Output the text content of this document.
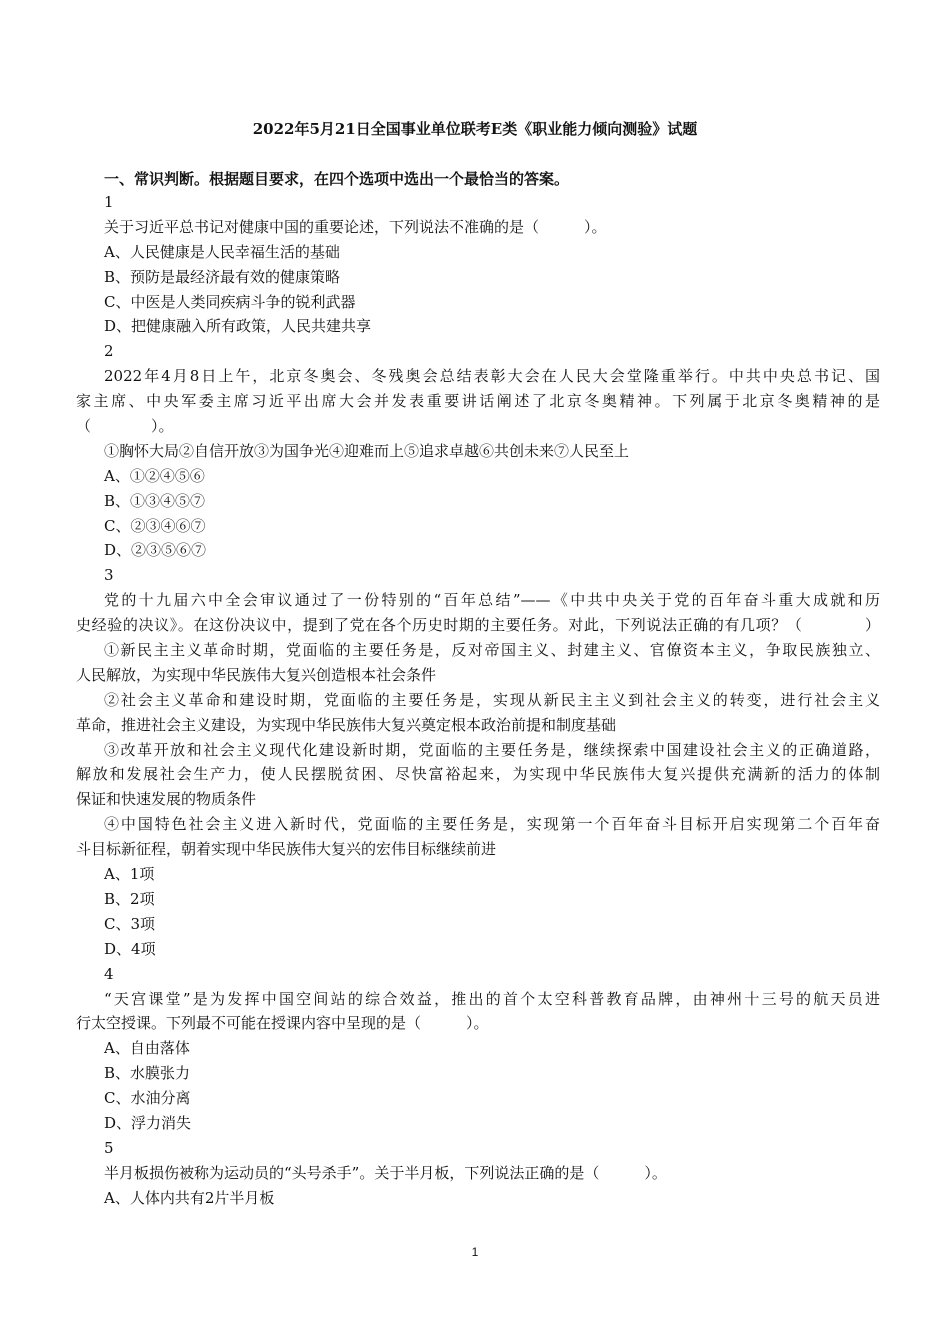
2022年5月21日全国事业单位联考E类《职业能力倾向测验》试题
一、常识判断。根据题目要求，在四个选项中选出一个最恰当的答案。
1
关于习近平总书记对健康中国的重要论述，下列说法不准确的是（　　　）。
A、人民健康是人民幸福生活的基础
B、预防是最经济最有效的健康策略
C、中医是人类同疾病斗争的锐利武器
D、把健康融入所有政策，人民共建共享
2
2022年4月8日上午，北京冬奥会、冬残奥会总结表彰大会在人民大会堂隆重举行。中共中央总书记、国
家主席、中央军委主席习近平出席大会并发表重要讲话阐述了北京冬奥精神。下列属于北京冬奥精神的是
（　　　　）。
①胸怀大局②自信开放③为国争光④迎难而上⑤追求卓越⑥共创未来⑦人民至上
A、①②④⑤⑥
B、①③④⑤⑦
C、②③④⑥⑦
D、②③⑤⑥⑦
3
党的十九届六中全会审议通过了一份特别的“百年总结”——《中共中央关于党的百年奋斗重大成就和历
史经验的决议》。在这份决议中，提到了党在各个历史时期的主要任务。对此，下列说法正确的有几项？（　　　　）
①新民主主义革命时期，党面临的主要任务是，反对帝国主义、封建主义、官僚资本主义，争取民族独立、
人民解放，为实现中华民族伟大复兴创造根本社会条件
②社会主义革命和建设时期，党面临的主要任务是，实现从新民主主义到社会主义的转变，进行社会主义
革命，推进社会主义建设，为实现中华民族伟大复兴奠定根本政治前提和制度基础
③改革开放和社会主义现代化建设新时期，党面临的主要任务是，继续探索中国建设社会主义的正确道路，
解放和发展社会生产力，使人民摆脱贫困、尽快富裕起来，为实现中华民族伟大复兴提供充满新的活力的体制
保证和快速发展的物质条件
④中国特色社会主义进入新时代，党面临的主要任务是，实现第一个百年奋斗目标开启实现第二个百年奋
斗目标新征程，朝着实现中华民族伟大复兴的宏伟目标继续前进
A、1项
B、2项
C、3项
D、4项
4
“天宫课堂”是为发挥中国空间站的综合效益，推出的首个太空科普教育品牌，由神州十三号的航天员进
行太空授课。下列最不可能在授课内容中呈现的是（　　　）。
A、自由落体
B、水膜张力
C、水油分离
D、浮力消失
5
半月板损伤被称为运动员的“头号杀手”。关于半月板，下列说法正确的是（　　　）。
A、人体内共有2片半月板
1
